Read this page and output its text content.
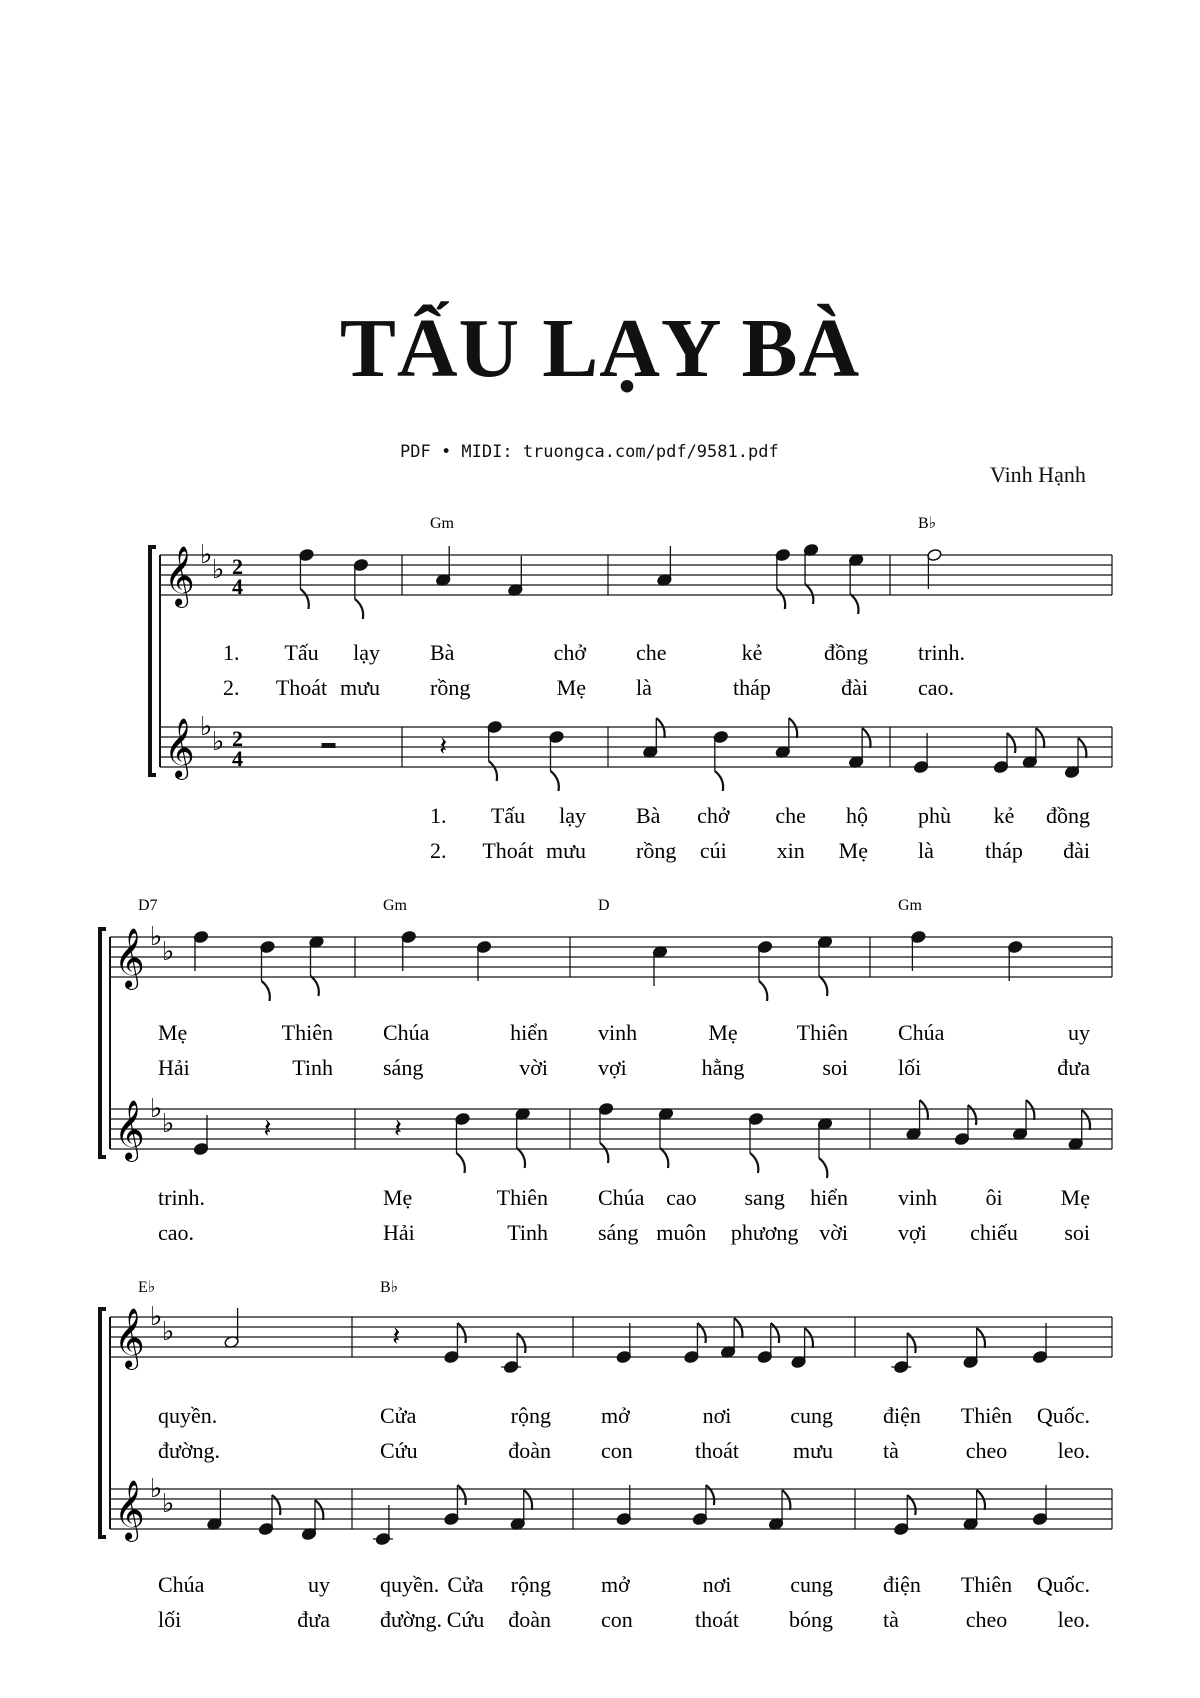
TẤU LẠY BÀ
PDF • MIDI: truongca.com/pdf/9581.pdf
Vinh Hạnh
𝄞 ♭
♭ 2
4
1. Tấu lạy Bà	chở che	kẻ	đồng trinh.
2. Thoát mưu rồng	Mẹ là	tháp	đài cao.
𝄞 ♭
♭ 2
4	𝄽
1. Tấu lạy Bà chở che hộ phù kẻ đồng
2. Thoát mưu rồng cúi xin Mẹ là tháp đài
Gm	B♭
𝄞 ♭
♭
Mẹ	Thiên Chúa	hiển vinh	Mẹ	Thiên Chúa	uy
Hải	Tinh sáng	vời vợi	hằng	soi lối	đưa
𝄞 ♭
♭	𝄽	𝄽
trinh.	Mẹ	Thiên Chúa cao sang hiển vinh ôi	Mẹ
cao.	Hải	Tinh sáng muôn phương vời vợi chiếu soi
D7	Gm	D	Gm
𝄞 ♭
♭	𝄽
quyền.	Cửa	rộng mở	nơi	cung điện Thiên Quốc.
đường.	Cứu	đoàn con	thoát mưu tà	cheo leo.
𝄞 ♭
♭
Chúa	uy quyền. Cửa rộng mở	nơi	cung điện Thiên Quốc.
lối	đưa đường. Cứu đoàn con	thoát bóng tà	cheo leo.
E♭	B♭
